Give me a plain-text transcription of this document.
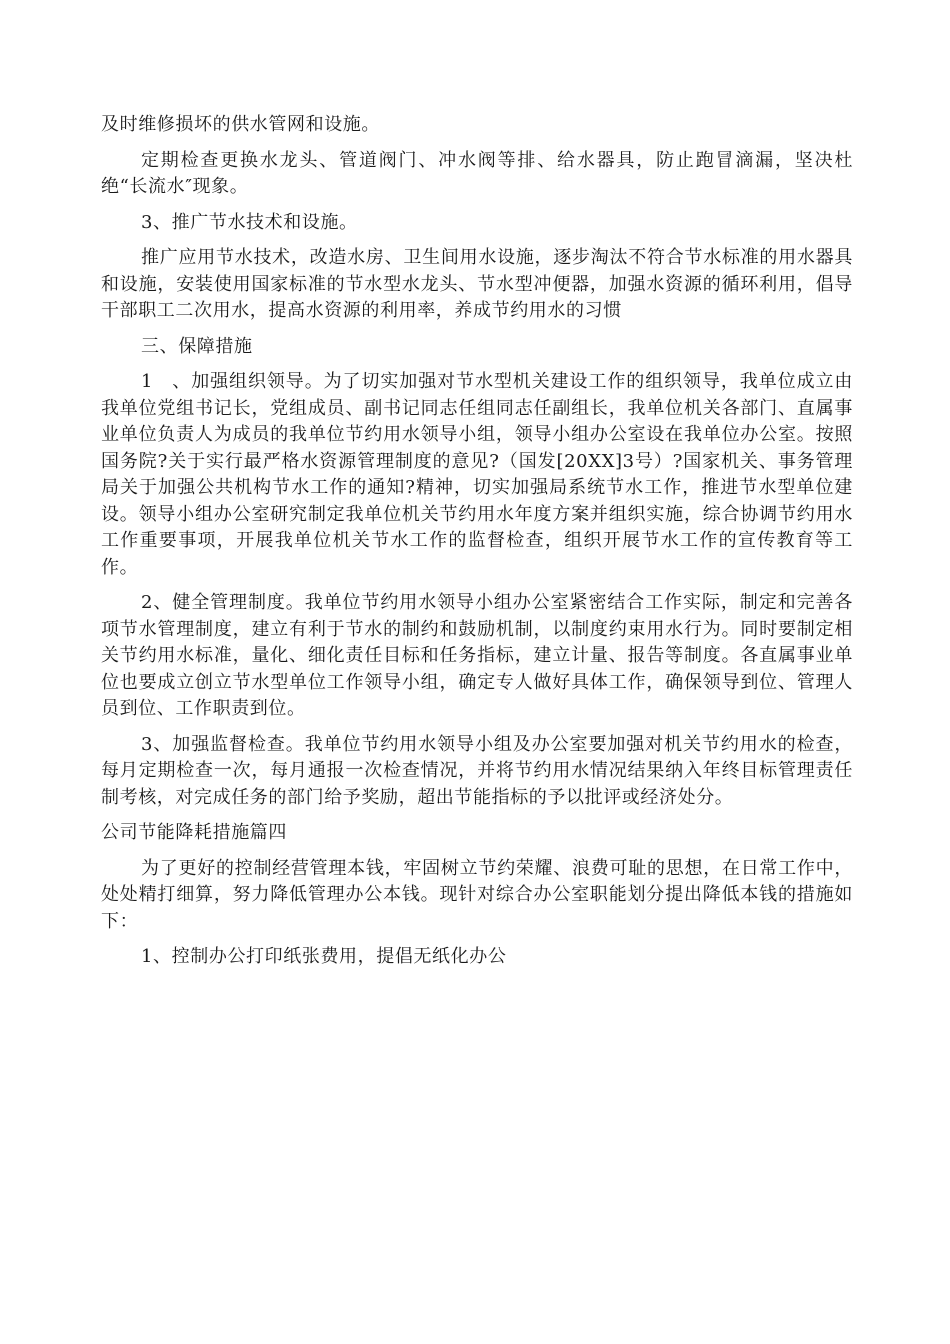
及时维修损坏的供水管网和设施。

定期检查更换水龙头、管道阀门、冲水阀等排、给水器具，防止跑冒滴漏，坚决杜绝“长流水″现象。

3、推广节水技术和设施。

推广应用节水技术，改造水房、卫生间用水设施，逐步淘汰不符合节水标准的用水器具和设施，安装使用国家标准的节水型水龙头、节水型冲便器，加强水资源的循环利用，倡导干部职工二次用水，提高水资源的利用率，养成节约用水的习惯

三、保障措施

1　、加强组织领导。为了切实加强对节水型机关建设工作的组织领导，我单位成立由我单位党组书记长，党组成员、副书记同志任组同志任副组长，我单位机关各部门、直属事业单位负责人为成员的我单位节约用水领导小组，领导小组办公室设在我单位办公室。按照国务院?关于实行最严格水资源管理制度的意见?（国发[20XX]3号）?国家机关、事务管理局关于加强公共机构节水工作的通知?精神，切实加强局系统节水工作，推进节水型单位建设。领导小组办公室研究制定我单位机关节约用水年度方案并组织实施，综合协调节约用水工作重要事项，开展我单位机关节水工作的监督检查，组织开展节水工作的宣传教育等工作。

2、健全管理制度。我单位节约用水领导小组办公室紧密结合工作实际，制定和完善各项节水管理制度，建立有利于节水的制约和鼓励机制，以制度约束用水行为。同时要制定相关节约用水标准，量化、细化责任目标和任务指标，建立计量、报告等制度。各直属事业单位也要成立创立节水型单位工作领导小组，确定专人做好具体工作，确保领导到位、管理人员到位、工作职责到位。

3、加强监督检查。我单位节约用水领导小组及办公室要加强对机关节约用水的检查，每月定期检查一次，每月通报一次检查情况，并将节约用水情况结果纳入年终目标管理责任制考核，对完成任务的部门给予奖励，超出节能指标的予以批评或经济处分。

公司节能降耗措施篇四

为了更好的控制经营管理本钱，牢固树立节约荣耀、浪费可耻的思想，在日常工作中，处处精打细算，努力降低管理办公本钱。现针对综合办公室职能划分提出降低本钱的措施如下：

1、控制办公打印纸张费用，提倡无纸化办公
